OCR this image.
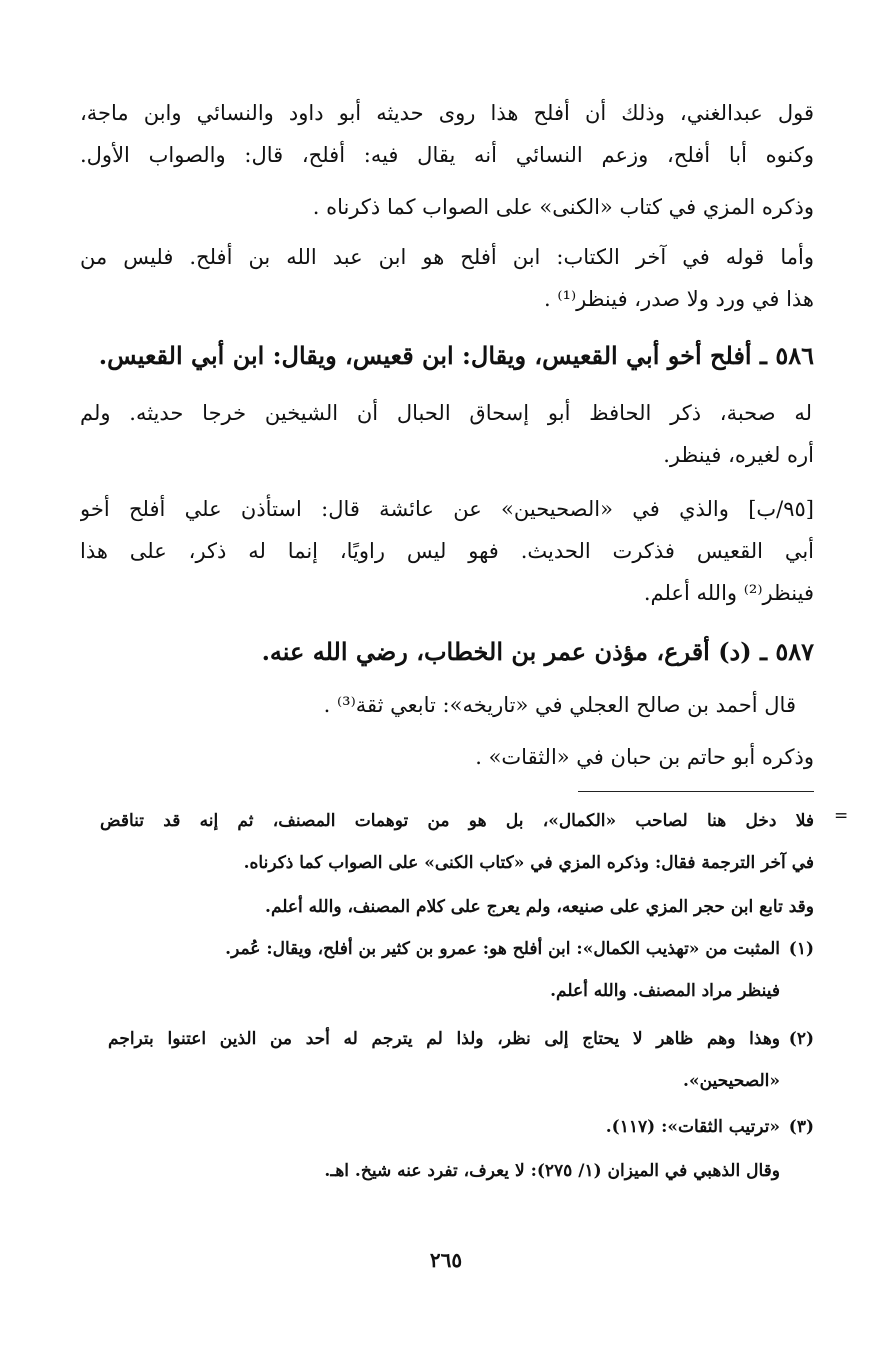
قول عبدالغني، وذلك أن أفلح هذا روى حديثه أبو داود والنسائي وابن ماجة،
وكنوه أبا أفلح، وزعم النسائي أنه يقال فيه: أفلح، قال: والصواب الأول.
وذكره المزي في كتاب «الكنى» على الصواب كما ذكرناه .
وأما قوله في آخر الكتاب: ابن أفلح هو ابن عبد الله بن أفلح. فليس من
هذا في ورد ولا صدر، فينظر⁽¹⁾ .
٥٨٦ ـ أفلح أخو أبي القعيس، ويقال: ابن قعيس، ويقال: ابن أبي القعيس.
له صحبة، ذكر الحافظ أبو إسحاق الحبال أن الشيخين خرجا حديثه. ولم
أره لغيره، فينظر.
[٩٥/ب] والذي في «الصحيحين» عن عائشة قال: استأذن علي أفلح أخو
أبي القعيس فذكرت الحديث. فهو ليس راويًا، إنما له ذكر، على هذا
فينظر⁽²⁾ والله أعلم.
٥٨٧ ـ (د) أقرع، مؤذن عمر بن الخطاب، رضي الله عنه.
قال أحمد بن صالح العجلي في «تاريخه»: تابعي ثقة⁽³⁾ .
وذكره أبو حاتم بن حبان في «الثقات» .
=
فلا دخل هنا لصاحب «الكمال»، بل هو من توهمات المصنف، ثم إنه قد تناقض
في آخر الترجمة فقال: وذكره المزي في «كتاب الكنى» على الصواب كما ذكرناه.
وقد تابع ابن حجر المزي على صنيعه، ولم يعرج على كلام المصنف، والله أعلم.
(١)
المثبت من «تهذيب الكمال»: ابن أفلح هو: عمرو بن كثير بن أفلح، ويقال: عُمر.
فينظر مراد المصنف. والله أعلم.
(٢)
وهذا وهم ظاهر لا يحتاج إلى نظر، ولذا لم يترجم له أحد من الذين اعتنوا بتراجم
«الصحيحين».
(٣)
«ترتيب الثقات»: (١١٧).
وقال الذهبي في الميزان (١/ ٢٧٥): لا يعرف، تفرد عنه شيخ. اهـ.
٢٦٥
